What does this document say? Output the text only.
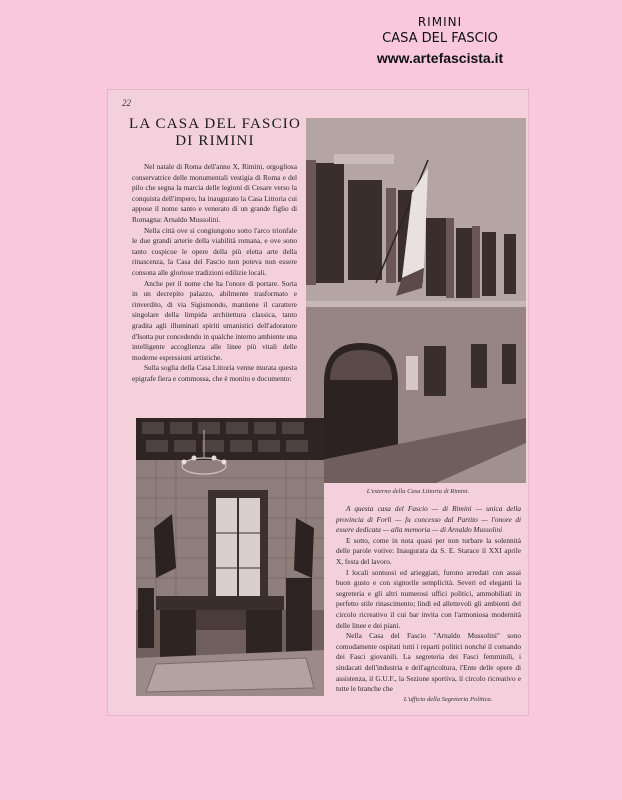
RIMINI
CASA DEL FASCIO
www.artefascista.it
22
LA CASA DEL FASCIO
DI RIMINI

Nel natale di Roma dell'anno X, Rimini, orgogliosa conservatrice delle monumentali vestigia di Roma e del pilo che segna la marcia delle legioni di Cesare verso la conquista dell'impero, ha inaugurato la Casa Littoria cui appose il nome santo e venerato di un grande figlio di Romagna: Arnaldo Mussolini.

Nella città ove si congiungono sotto l'arco trionfale le due grandi arterie della viabilità romana, e ove sono tanto cospicue le opere della più eletta arte della rinascenza, la Casa del Fascio non poteva non essere consona alle gloriose tradizioni edilizie locali.

Anche per il nome che ha l'onore di portare. Sorta in un decrepito palazzo, abilmente trasformato e rinverdito, di via Sigismondo, mantiene il carattere singolare della limpida architettura classica, tanto gradita agli illuminati spiriti umanistici dell'adoratore d'Isotta pur concedendo in qualche interno ambiente una intelligente accoglienza alle linee più vitali delle moderne espressioni artistiche.

Sulla soglia della Casa Littoria venne murata questa epigrafe fiera e commossa, che è monito e documento:

L'esterno della Casa Littoria di Rimini.
L'ufficio della Segreteria Politica.

A questa casa del Fascio — di Rimini — unica della provincia di Forlì — fu concesso dal Partito — l'onore di essere dedicata — alla memoria — di Arnaldo Mussolini

E sotto, come in nota quasi per non turbare la solennità delle parole votive: Inaugurata da S. E. Starace il XXI aprile X, festa del lavoro.

I locali sontuosi ed arieggiati, furono arredati con assai buon gusto e con signorile semplicità. Severi ed eleganti la segreteria e gli altri numerosi uffici politici, ammobiliati in perfetto stile rinascimento; lindi ed allettevoli gli ambienti del circolo ricreativo il cui bar invita con l'armoniosa modernità delle linee e dei piani.

Nella Casa del Fascio "Arnaldo Mussolini" sono comodamente ospitati tutti i reparti politici nonché il comando dei Fasci giovanili. La segreteria dei Fasci femminili, i sindacati dell'industria e dell'agricoltura, l'Ente delle opere di assistenza, il G.U.F., la Sezione sportiva, il circolo ricreativo e tutte le branche che
